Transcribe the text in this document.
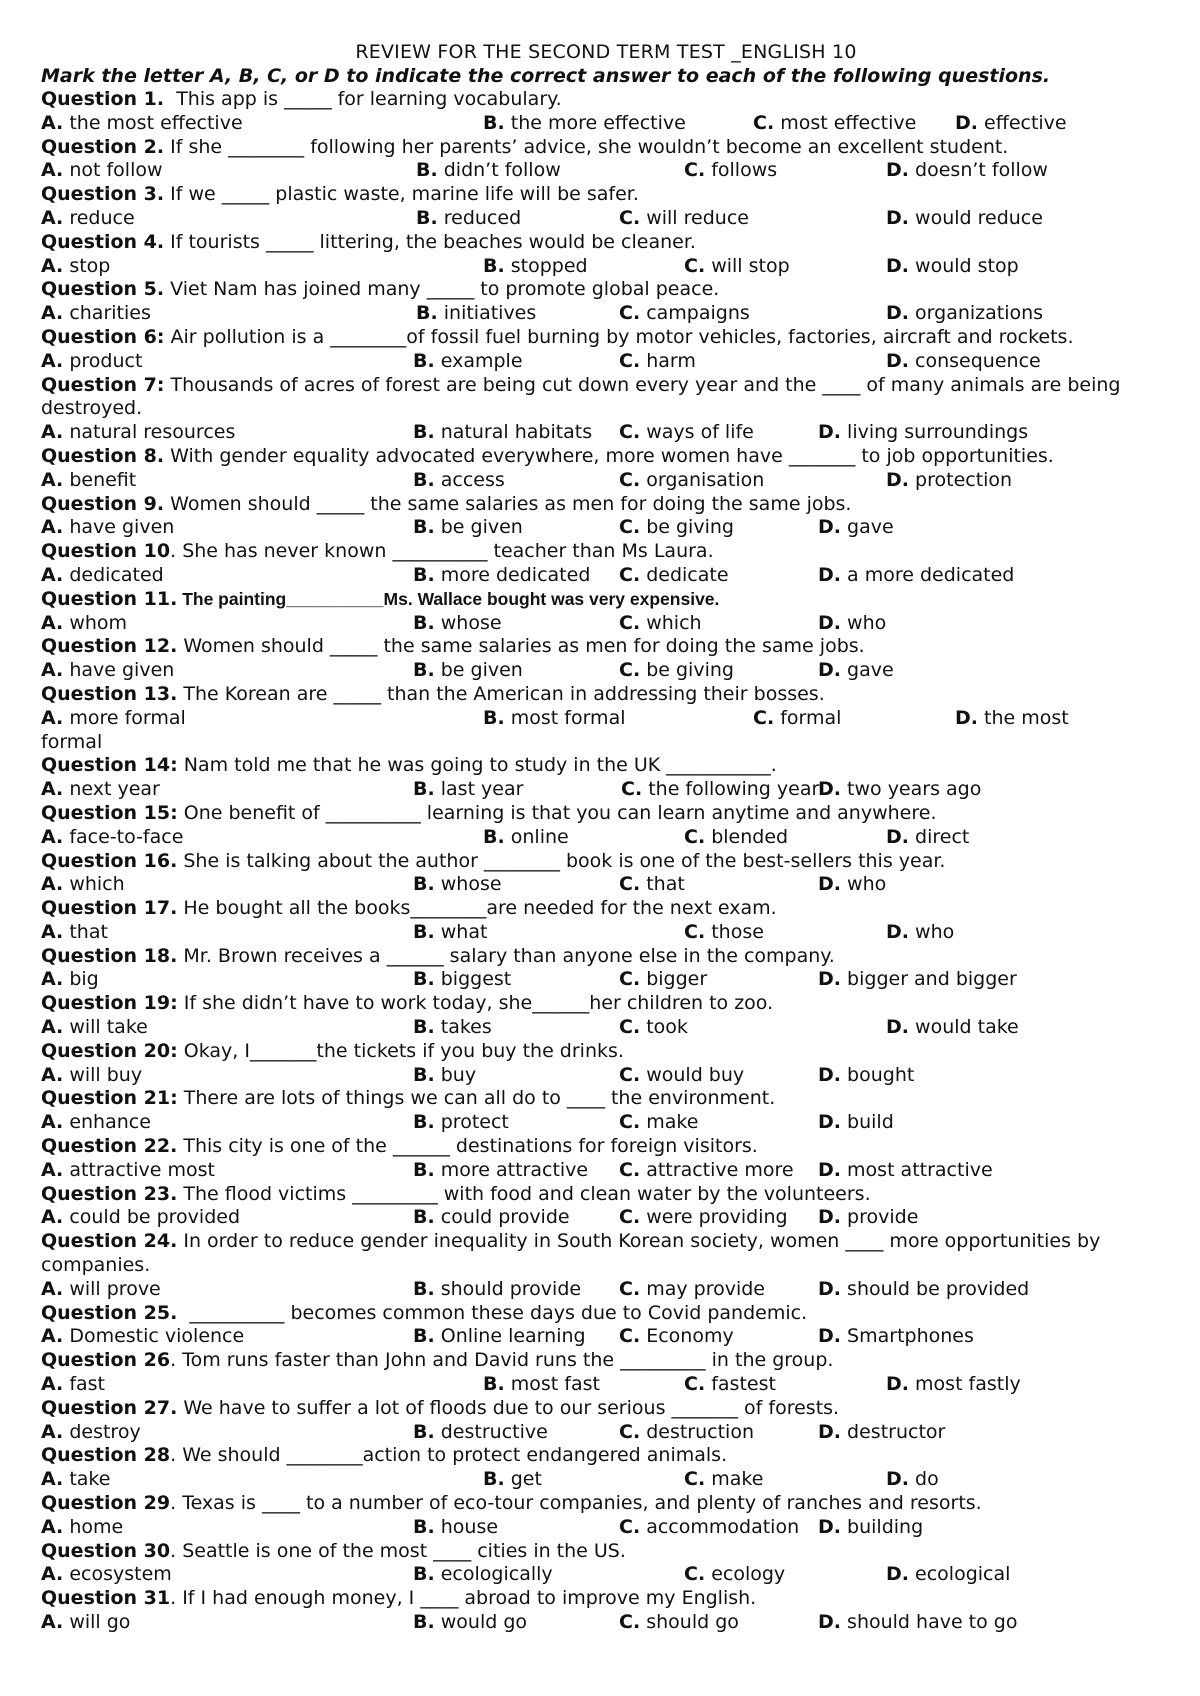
REVIEW FOR THE SECOND TERM TEST _ENGLISH 10
Mark the letter A, B, C, or D to indicate the correct answer to each of the following questions.
Question 1.  This app is _____ for learning vocabulary.
A. the most effective	B. the more effective	C. most effective D. effective
Question 2. If she ________ following her parents’ advice, she wouldn’t become an excellent student.
A. not follow	B. didn’t follow	C. follows	D. doesn’t follow
Question 3. If we _____ plastic waste, marine life will be safer.
A. reduce	B. reduced	C. will reduce	D. would reduce
Question 4. If tourists _____ littering, the beaches would be cleaner.
A. stop	B. stopped	C. will stop	D. would stop
Question 5. Viet Nam has joined many _____ to promote global peace.
A. charities	B. initiatives	C. campaigns	D. organizations
Question 6: Air pollution is a ________of fossil fuel burning by motor vehicles, factories, aircraft and rockets.
A. product	B. example	C. harm	D. consequence
Question 7: Thousands of acres of forest are being cut down every year and the ____ of many animals are being destroyed.
A. natural resources	B. natural habitats C. ways of life	D. living surroundings
Question 8. With gender equality advocated everywhere, more women have _______ to job opportunities.
A. benefit	B. access	C. organisation	D. protection
Question 9. Women should _____ the same salaries as men for doing the same jobs.
A. have given	B. be given	C. be giving	D. gave
Question 10. She has never known __________ teacher than Ms Laura.
A. dedicated	B. more dedicated C. dedicate	D. a more dedicated
Question 11. The painting__________Ms. Wallace bought was very expensive.
A. whom	B. whose	C. which	D. who
Question 12. Women should _____ the same salaries as men for doing the same jobs.
A. have given	B. be given	C. be giving	D. gave
Question 13. The Korean are _____ than the American in addressing their bosses.
A. more formal	B. most formal	C. formal	D. the most
formal
Question 14: Nam told me that he was going to study in the UK ___________.
A. next year	B. last year	C. the following year
D. two years ago
Question 15: One benefit of __________ learning is that you can learn anytime and anywhere.
A. face-to-face	B. online	C. blended	D. direct
Question 16. She is talking about the author ________ book is one of the best-sellers this year.
A. which	B. whose	C. that	D. who
Question 17. He bought all the books________are needed for the next exam.
A. that	B. what	C. those	D. who
Question 18. Mr. Brown receives a ______ salary than anyone else in the company.
A. big	B. biggest	C. bigger	D. bigger and bigger
Question 19: If she didn’t have to work today, she______her children to zoo.
A. will take	B. takes	C. took	D. would take
Question 20: Okay, I_______the tickets if you buy the drinks.
A. will buy	B. buy	C. would buy	D. bought
Question 21: There are lots of things we can all do to ____ the environment.
A. enhance	B. protect	C. make	D. build
Question 22. This city is one of the ______ destinations for foreign visitors.
A. attractive most	B. more attractive C. attractive more D. most attractive
Question 23. The flood victims _________ with food and clean water by the volunteers.
A. could be provided	B. could provide	C. were providing D. provide
Question 24. In order to reduce gender inequality in South Korean society, women ____ more opportunities by companies.
A. will prove	B. should provide C. may provide	D. should be provided
Question 25.  __________ becomes common these days due to Covid pandemic.
A. Domestic violence	B. Online learning C. Economy	D. Smartphones
Question 26. Tom runs faster than John and David runs the _________ in the group.
A. fast	B. most fast	C. fastest	D. most fastly
Question 27. We have to suffer a lot of floods due to our serious _______ of forests.
A. destroy	B. destructive	C. destruction	D. destructor
Question 28. We should ________action to protect endangered animals.
A. take	B. get	C. make	D. do
Question 29. Texas is ____ to a number of eco-tour companies, and plenty of ranches and resorts.
A. home	B. house	C. accommodation D. building
Question 30. Seattle is one of the most ____ cities in the US.
A. ecosystem	B. ecologically	C. ecology	D. ecological
Question 31. If I had enough money, I ____ abroad to improve my English.
A. will go	B. would go	C. should go	D. should have to go
